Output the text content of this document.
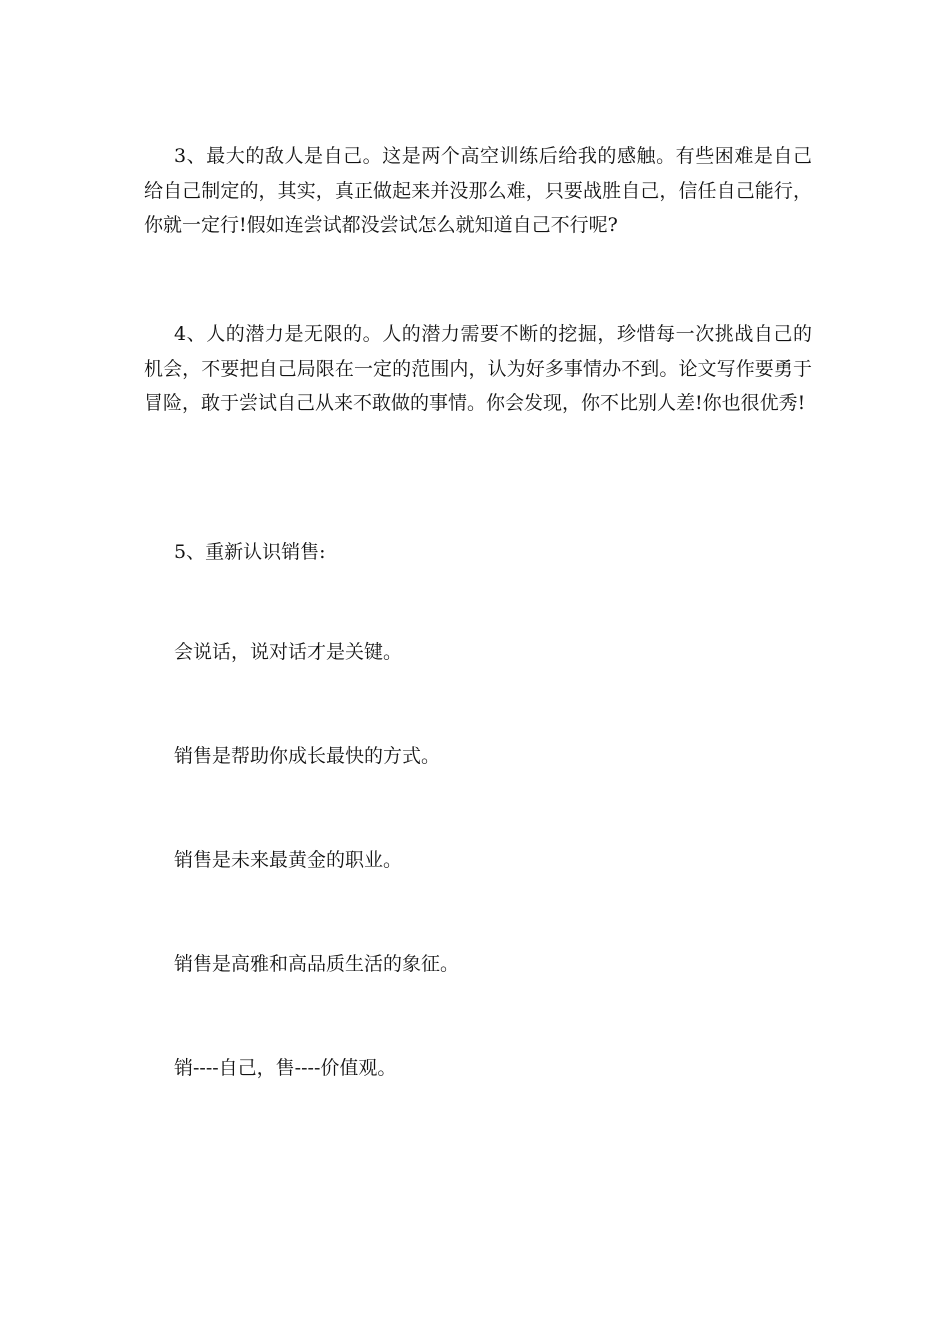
3、最大的敌人是自己。这是两个高空训练后给我的感触。有些困难是自己给自己制定的，其实，真正做起来并没那么难，只要战胜自己，信任自己能行，你就一定行!假如连尝试都没尝试怎么就知道自己不行呢?

4、人的潜力是无限的。人的潜力需要不断的挖掘，珍惜每一次挑战自己的机会，不要把自己局限在一定的范围内，认为好多事情办不到。论文写作要勇于冒险，敢于尝试自己从来不敢做的事情。你会发现，你不比别人差!你也很优秀!

5、重新认识销售:

会说话，说对话才是关键。

销售是帮助你成长最快的方式。

销售是未来最黄金的职业。

销售是高雅和高品质生活的象征。

销----自己，售----价值观。
